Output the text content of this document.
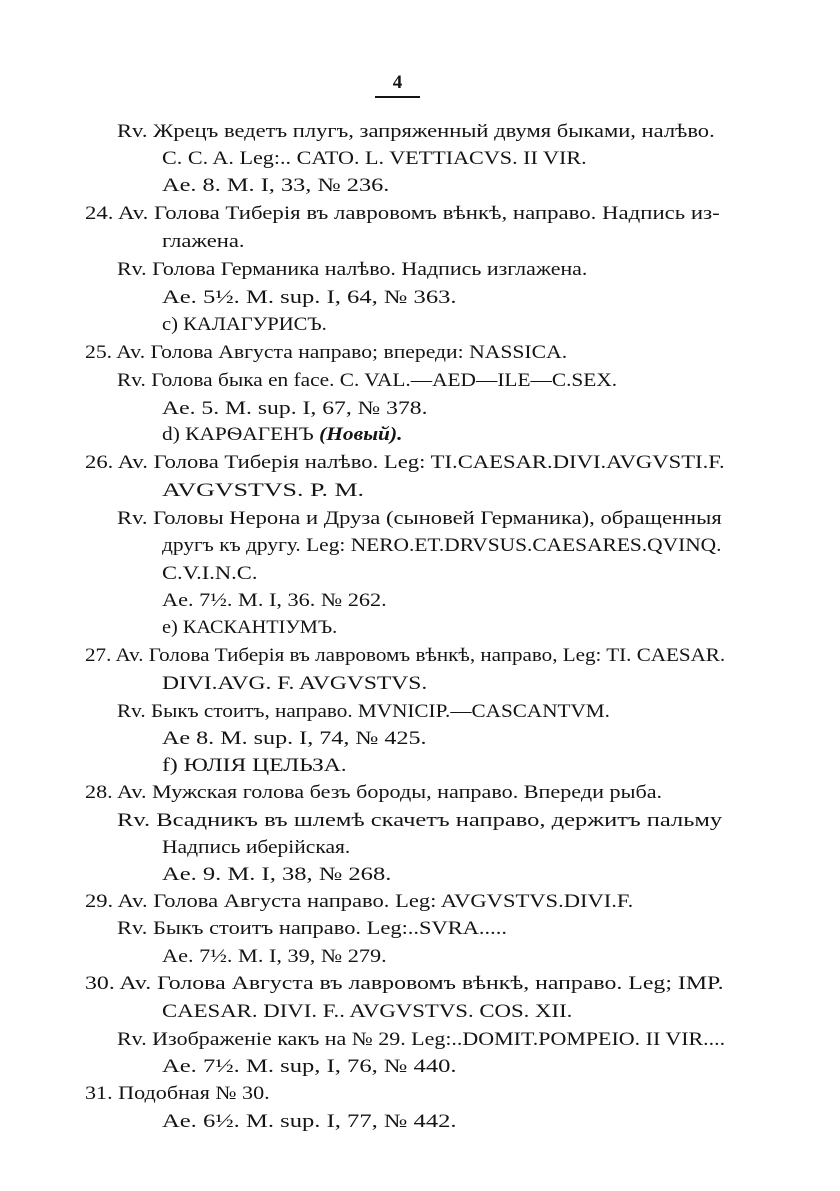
4
Rv. Жрецъ ведетъ плугъ, запряженный двумя быками, налѣво.
C. C. A. Leg:.. CATO. L. VETTIACVS. II VIR.
Ae. 8. M. I, 33, № 236.
24. Av. Голова Тиберія въ лавровомъ вѣнкѣ, направо. Надпись из-
глажена.
Rv. Голова Германика налѣво. Надпись изглажена.
Ae. 5½. M. sup. I, 64, № 363.
c) КАЛАГУРИСЪ.
25. Av. Голова Августа направо; впереди: NASSICA.
Rv. Голова быка en face. C. VAL.—AED—ILE—C.SEX.
Ae. 5. M. sup. I, 67, № 378.
d) КАРѲАГЕНЪ (Новый).
26. Av. Голова Тиберія налѣво. Leg: TI.CAESAR.DIVI.AVGVSTI.F.
AVGVSTVS. P. M.
Rv. Головы Нерона и Друза (сыновей Германика), обращенныя
другъ къ другу. Leg: NERO.ET.DRVSUS.CAESARES.QVINQ.
C.V.I.N.C.
Ae. 7½. M. I, 36. № 262.
e) КАСКАНТІУМЪ.
27. Av. Голова Тиберія въ лавровомъ вѣнкѣ, направо, Leg: TI. CAESAR.
DIVI.AVG. F. AVGVSTVS.
Rv. Быкъ стоитъ, направо. MVNICIP.—CASCANTVM.
Ae 8. M. sup. I, 74, № 425.
f) ЮЛІЯ ЦЕЛЬЗА.
28. Av. Мужская голова безъ бороды, направо. Впереди рыба.
Rv. Всадникъ въ шлемѣ скачетъ направо, держитъ пальму
Надпись иберійская.
Ae. 9. M. I, 38, № 268.
29. Av. Голова Августа направо. Leg: AVGVSTVS.DIVI.F.
Rv. Быкъ стоитъ направо. Leg:..SVRA.....
Ae. 7½. M. I, 39, № 279.
30. Av. Голова Августа въ лавровомъ вѣнкѣ, направо. Leg; IMP.
CAESAR. DIVI. F.. AVGVSTVS. COS. XII.
Rv. Изображеніе какъ на № 29. Leg:..DOMIT.POMPEIO. II VIR....
Ae. 7½. M. sup, I, 76, № 440.
31. Подобная № 30.
Ae. 6½. M. sup. I, 77, № 442.
